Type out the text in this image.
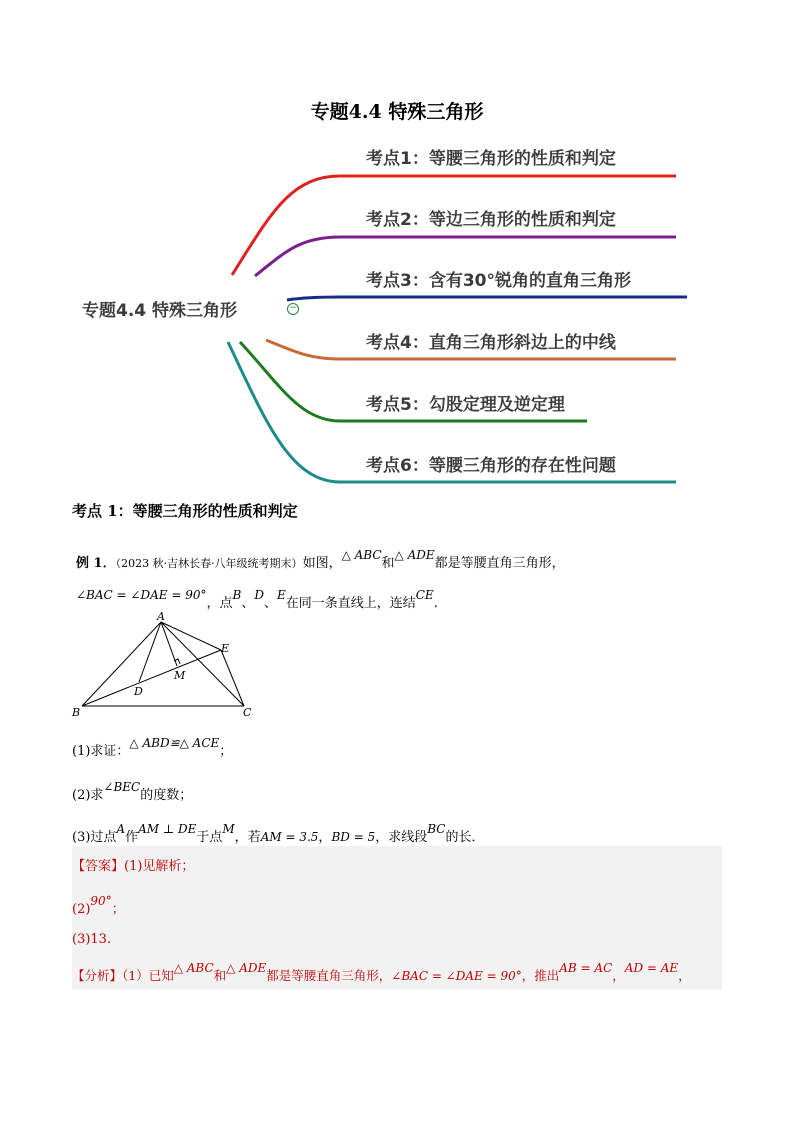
专题4.4 特殊三角形
专题4.4 特殊三角形	−
考点1：等腰三角形的性质和判定
考点2：等边三角形的性质和判定
考点3：含有30°锐角的直角三角形
考点4：直角三角形斜边上的中线
考点5：勾股定理及逆定理
考点6：等腰三角形的存在性问题
考点 1：等腰三角形的性质和判定
例 1．（2023 秋·吉林长春·八年级统考期末）如图，△ ABC和△ ADE都是等腰直角三角形，
∠BAC = ∠DAE = 90°，点B、D、E在同一条直线上，连结CE.
A
B	C
D
E
M
(1)求证：△ ABD≌△ ACE；
(2)求∠BEC的度数；
(3)过点A作AM ⊥ DE于点M，若AM = 3.5，BD = 5，求线段BC的长．
【答案】(1)见解析；
(2)90°；
(3)13．
【分析】（1）已知△ ABC和△ ADE都是等腰直角三角形，∠BAC = ∠DAE = 90°，推出AB = AC，AD = AE，
